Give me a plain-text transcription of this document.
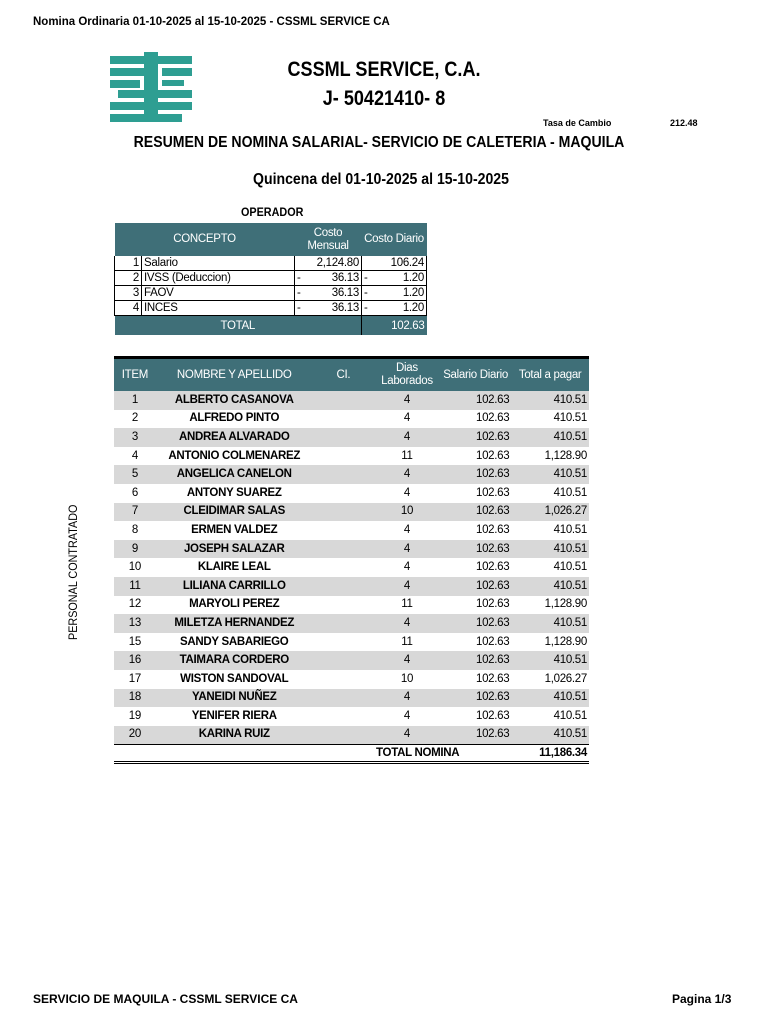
Nomina Ordinaria 01-10-2025 al 15-10-2025 - CSSML SERVICE CA
CSSML SERVICE, C.A.
J- 50421410- 8
Tasa de Cambio	212.48
RESUMEN DE NOMINA SALARIAL- SERVICIO DE CALETERIA - MAQUILA
Quincena del 01-10-2025 al 15-10-2025
OPERADOR
CONCEPTO		Costo Mensual	Costo Diario
1	Salario	2,124.80	106.24
2	IVSS (Deduccion)	- 36.13	- 1.20
3	FAOV	- 36.13	- 1.20
4	INCES	- 36.13	- 1.20
TOTAL			102.63
ITEM	NOMBRE Y APELLIDO	CI.	Dias Laborados	Salario Diario	Total a pagar
1	ALBERTO CASANOVA		4	102.63	410.51
2	ALFREDO PINTO		4	102.63	410.51
3	ANDREA ALVARADO		4	102.63	410.51
4	ANTONIO COLMENAREZ		11	102.63	1,128.90
5	ANGELICA CANELON		4	102.63	410.51
6	ANTONY SUAREZ		4	102.63	410.51
7	CLEIDIMAR SALAS		10	102.63	1,026.27
8	ERMEN VALDEZ		4	102.63	410.51
9	JOSEPH SALAZAR		4	102.63	410.51
10	KLAIRE LEAL		4	102.63	410.51
11	LILIANA CARRILLO		4	102.63	410.51
12	MARYOLI PEREZ		11	102.63	1,128.90
13	MILETZA HERNANDEZ		4	102.63	410.51
15	SANDY SABARIEGO		11	102.63	1,128.90
16	TAIMARA CORDERO		4	102.63	410.51
17	WISTON SANDOVAL		10	102.63	1,026.27
18	YANEIDI NUÑEZ		4	102.63	410.51
19	YENIFER RIERA		4	102.63	410.51
20	KARINA RUIZ		4	102.63	410.51
			TOTAL NOMINA		11,186.34
PERSONAL CONTRATADO
SERVICIO DE MAQUILA - CSSML SERVICE CA	Pagina 1/3
